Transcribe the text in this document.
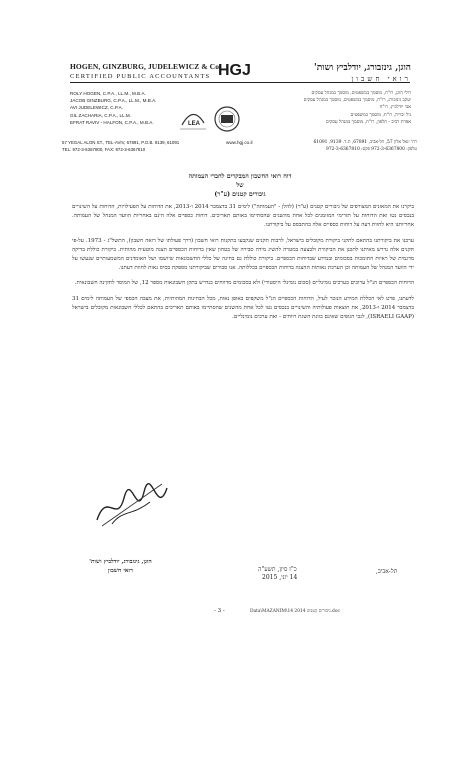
HOGEN, GINZBURG, JUDELEWICZ & Co.
CERTIFIED PUBLIC ACCOUNTANTS HGJ	הוגן, גינזבורג, יודלביץ ושות'
רואי חשבון
ROLY HOGEN, C.P.A., LL.M., M.B.A.
JACOB GINZBURG, C.P.A., LL.M., M.B.A.
AVI JUDELEWICZ, C.P.A.
GIL ZACHARIA, C.P.A., LL.M.
EFRAT RAVIV - HALFON, C.P.A., M.B.A.
רולי הוגן, רו"ח, מוסמך במשפטים, מוסמך במנהל עסקים
יעקב גינזבורג, רו"ח, מוסמך במשפטים, מוסמך במנהל עסקים
אבי יודלביץ, רו"ח
גיל זכריה, רו"ח, מוסמך במשפטים
אפרת רביב - חלפון, רו"ח, מוסמך במנהל עסקים
LEA
57 YEGAL ALON ST., TEL-AVIV, 67891, P.O.B. 9139, 61091
TEL: 972-3-6367800, FAX: 972-3-6367810
www.hgj.co.il	רח' יגאל אלון 57, תל-אביב, 67891, ת.ד. 9139, 61091
טלפון: 972-3-6367800 פקס: 972-3-6367810
דוח רואי החשבון המבקרים לחברי העמותה
של
גיבורים קטנים (ע"ר)

ביקרנו את המאזנים המצורפים של גיבורים קטנים (ע"ר) (להלן - "העמותה") לימים 31 בדצמבר 2014 ו-2013, את הדוחות על הפעילויות, הדוחות על השינויים בנכסים נטו ואת הדוחות על תזרימי המזומנים לכל אחת מהשנים שהסתיימו באותם תאריכים. דוחות כספיים אלה הינם באחריות הוועד המנהל של העמותה. אחריותנו היא לחוות דעה על דוחות כספיים אלה בהתבסס על ביקורתנו.

ערכנו את ביקורתנו בהתאם לתקני ביקורת מקובלים בישראל, לרבות תקנים שנקבעו בתקנות רואי חשבון (דרך פעולתו של רואה חשבון), התשל"ג - 1973. על-פי תקנים אלה נדרש מאיתנו לתכנן את הביקורת ולבצעה במטרה להשיג מידה סבירה של בטחון שאין בדוחות הכספיים הצגה מוטעית מהותית. ביקורת כוללת בדיקה מדגמית של ראיות התומכות בסכומים ובמידע שבדוחות הכספיים. ביקורת כוללת גם בחינה של כללי החשבונאות שיושמו ושל האומדנים המשמעותיים שנעשו על ידי הוועד המנהל של העמותה וכן הערכת נאותות ההצגה בדוחות הכספיים בכללותה. אנו סבורים שביקורתנו מספקת בסיס נאות לחוות דעתנו.

הדוחות הכספיים הנ"ל ערוכים בערכים נומינליים (סכום נומינלי היסטורי) ולא בסכומים מדווחים כנדרש בתקן חשבונאות מספר 12, של המוסד לתקינה חשבונאית.

לדעתנו, פרט לאי הכללת המידע הנזכר לעיל, הדוחות הכספיים הנ"ל משקפים באופן נאות, מכל הבחינות המהותיות, את מצבה הכספי של העמותה לימים 31 בדצמבר 2014 ו-2013, את תוצאות פעולותיה והשינויים בנכסים נטו לכל אחת מהשנים שהסתיימו באותם תאריכים בהתאם לכללי חשבונאות מקובלים בישראל (ISRAELI GAAP), לגבי הגופים שאינם כוונת השגת רווחים - ואת ערכים נומינליים.

הוגן, גינזבורג, יודלביץ ושות'
רואי חשבון	תל-אביב,
כ"ז סיון, תשע"ה
14 יוני, 2015
- 3 -	Data\MAZANIM\14 גיבורים קטנים 2014.doc
